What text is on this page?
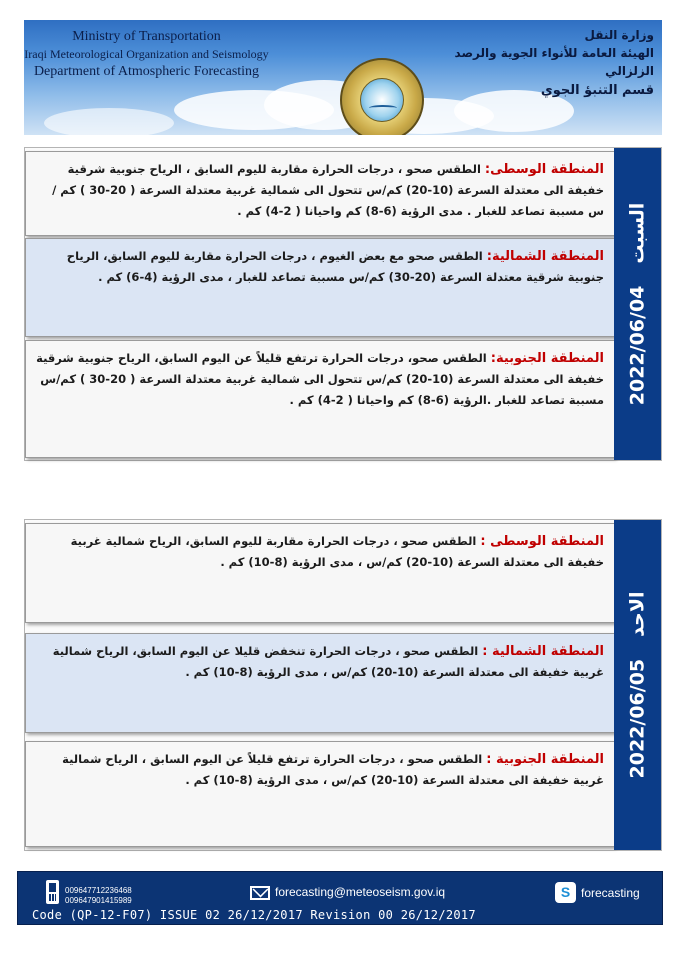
Ministry of Transportation
Iraqi Meteorological Organization and Seismology
Department of Atmospheric Forecasting
وزارة النقل
الهيئة العامة للأنواء الجوية والرصد الزلزالي
قسم التنبؤ الجوي
المنطقة الوسطى: الطقس صحو ، درجات الحرارة مقاربة لليوم السابق ، الرياح جنوبية شرقية خفيفة الى معتدلة السرعة (10-20) كم/س تتحول الى شمالية غربية معتدلة السرعة ( 20-30 ) كم / س مسببة تصاعد للغبار . مدى الرؤية (6-8) كم واحيانا ( 2-4) كم .
المنطقة الشمالية: الطقس صحو مع بعض الغيوم ، درجات الحرارة مقاربة لليوم السابق، الرياح جنوبية شرقية معتدلة السرعة (20-30) كم/س مسببة تصاعد للغبار ، مدى الرؤية (4-6) كم .
المنطقة الجنوبية: الطقس صحو، درجات الحرارة ترتفع قليلاً عن اليوم السابق، الرياح جنوبية شرقية خفيفة الى معتدلة السرعة (10-20) كم/س تتحول الى شمالية غربية معتدلة السرعة ( 20-30 ) كم/س مسببة تصاعد للغبار .الرؤية (6-8) كم واحيانا ( 2-4) كم .	2022/06/04
السبت
المنطقة الوسطى : الطقس صحو ، درجات الحرارة مقاربة لليوم السابق، الرياح شمالية غربية خفيفة الى معتدلة السرعة (10-20) كم/س ، مدى الرؤية (8-10) كم .
المنطقة الشمالية : الطقس صحو ، درجات الحرارة تنخفض قليلا عن اليوم السابق، الرياح شمالية غربية خفيفة الى معتدلة السرعة (10-20) كم/س ، مدى الرؤية (8-10) كم .
المنطقة الجنوبية : الطقس صحو ، درجات الحرارة ترتفع قليلاً عن اليوم السابق ، الرياح شمالية غربية خفيفة الى معتدلة السرعة (10-20) كم/س ، مدى الرؤية (8-10) كم .
2022/06/05
الاحد
009647712236468
009647901415989
forecasting@meteoseism.gov.iq	S forecasting
Code (QP-12-F07) ISSUE 02 26/12/2017 Revision 00 26/12/2017
